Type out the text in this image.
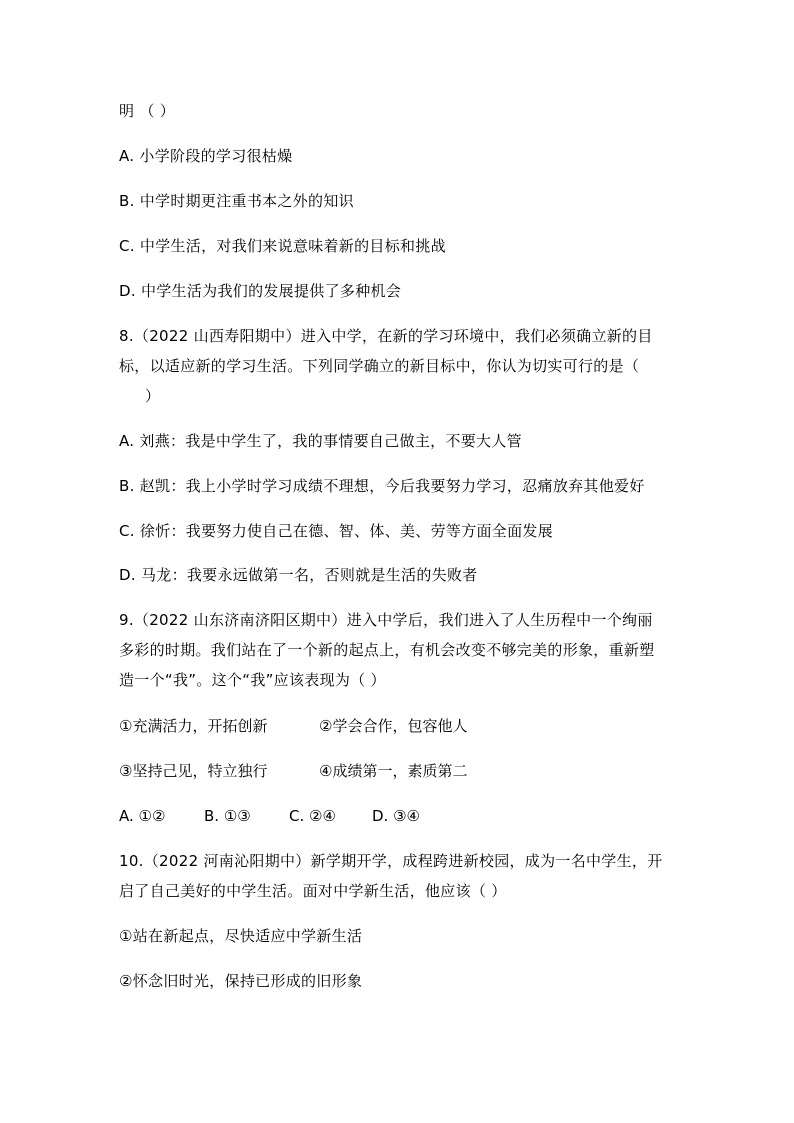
明 （ ）
A. 小学阶段的学习很枯燥
B. 中学时期更注重书本之外的知识
C. 中学生活，对我们来说意味着新的目标和挑战
D. 中学生活为我们的发展提供了多种机会
8.（2022 山西寿阳期中）进入中学，在新的学习环境中，我们必须确立新的目
标，以适应新的学习生活。下列同学确立的新目标中，你认为切实可行的是（
）
A. 刘燕：我是中学生了，我的事情要自己做主，不要大人管
B. 赵凯：我上小学时学习成绩不理想，今后我要努力学习，忍痛放弃其他爱好
C. 徐忻：我要努力使自己在德、智、体、美、劳等方面全面发展
D. 马龙：我要永远做第一名，否则就是生活的失败者
9.（2022 山东济南济阳区期中）进入中学后，我们进入了人生历程中一个绚丽
多彩的时期。我们站在了一个新的起点上，有机会改变不够完美的形象，重新塑
造一个“我”。这个“我”应该表现为（ ）
①充满活力，开拓创新	②学会合作，包容他人
③坚持己见，特立独行	④成绩第一，素质第二
A. ①②	B. ①③	C. ②④	D. ③④
10.（2022 河南沁阳期中）新学期开学，成程跨进新校园，成为一名中学生，开
启了自己美好的中学生活。面对中学新生活，他应该（ ）
①站在新起点，尽快适应中学新生活
②怀念旧时光，保持已形成的旧形象
